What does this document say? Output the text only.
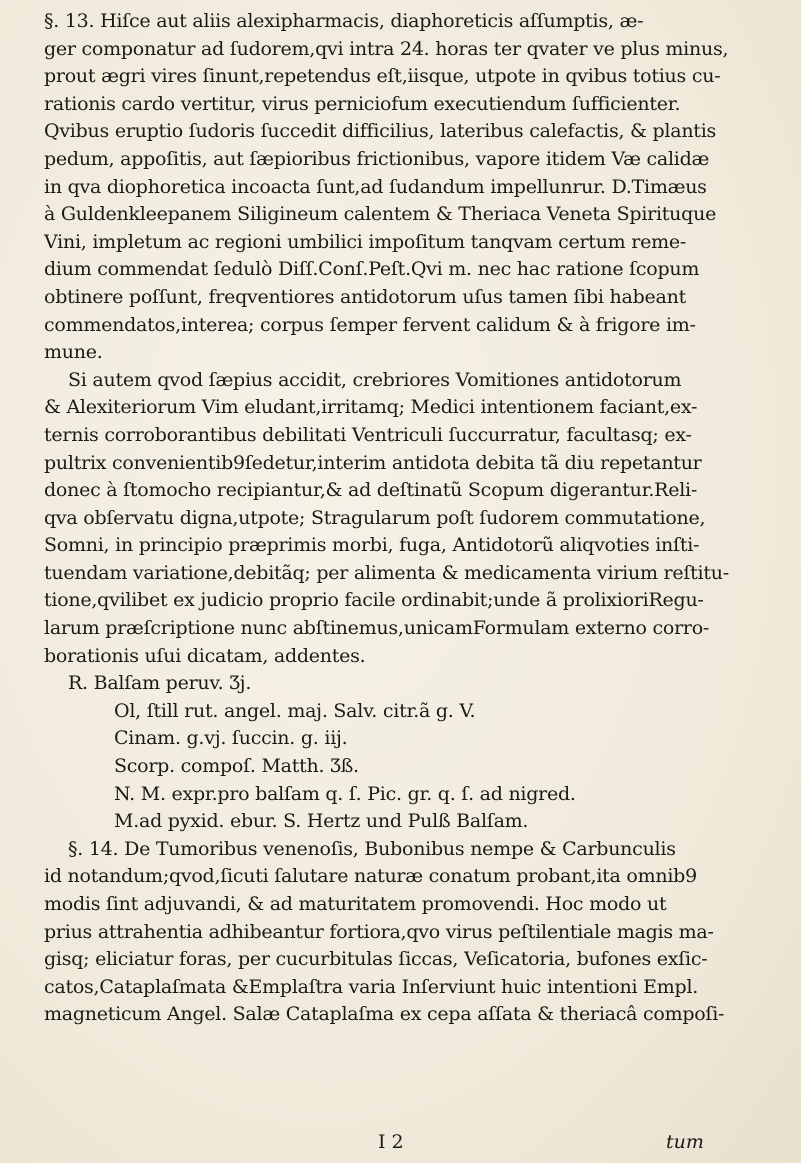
§. 13. Hiſce aut aliis alexipharmacis, diaphoreticis aſſumptis, æ-
ger componatur ad ſudorem,qvi intra 24. horas ter qvater ve plus minus,
prout ægri vires ſinunt,repetendus eſt,iisque, utpote in qvibus totius cu-
rationis cardo vertitur, virus perniciofum executiendum ſufficienter.
Qvibus eruptio ſudoris ſuccedit difficilius, lateribus calefactis, & plantis
pedum, appoſitis, aut ſæpioribus frictionibus, vapore itidem Væ calidæ
in qva diophoretica incoacta ſunt,ad ſudandum impellunrur. D.Timæus
à Guldenkleepanem Siligineum calentem & Theriaca Veneta Spirituque
Vini, impletum ac regioni umbilici impoſitum tanqvam certum reme-
dium commendat ſedulò Diſſ.Conſ.Peſt.Qvi m. nec hac ratione ſcopum
obtinere poſſunt, freqventiores antidotorum uſus tamen ſibi habeant
commendatos,interea; corpus ſemper fervent calidum & à frigore im-
mune.
Si autem qvod ſæpius accidit, crebriores Vomitiones antidotorum
& Alexiteriorum Vim eludant,irritamq; Medici intentionem faciant,ex-
ternis corroborantibus debilitati Ventriculi ſuccurratur, facultasq; ex-
pultrix convenientib9ſedetur,interim antidota debita tã diu repetantur
donec à ſtomocho recipiantur,& ad deſtinatũ Scopum digerantur.Reli-
qva obſervatu digna,utpote; Stragularum poſt ſudorem commutatione,
Somni, in principio præprimis morbi, fuga, Antidotorũ aliqvoties inſti-
tuendam variatione,debitãq; per alimenta & medicamenta virium reſtitu-
tione,qvilibet ex judicio proprio facile ordinabit;unde ã prolixioriRegu-
larum præſcriptione nunc abſtinemus,unicamFormulam externo corro-
borationis uſui dicatam, addentes.
R. Balſam peruv. Ʒj.
Ol, ſtill rut. angel. maj. Salv. citr.ã g. V.
Cinam. g.vj. ſuccin. g. iij.
Scorp. compoſ. Matth. Ʒß.
N. M. expr.pro balſam q. ſ. Pic. gr. q. ſ. ad nigred.
M.ad pyxid. ebur. S. Hertz und Pulß Balſam.
§. 14. De Tumoribus venenoſis, Bubonibus nempe & Carbunculis
id notandum;qvod,ſicuti ſalutare naturæ conatum probant,ita omnib9
modis ſint adjuvandi, & ad maturitatem promovendi. Hoc modo ut
prius attrahentia adhibeantur fortiora,qvo virus peſtilentiale magis ma-
gisq; eliciatur foras, per cucurbitulas ſiccas, Veſicatoria, bufones exſic-
catos,Cataplaſmata &Emplaſtra varia Inſerviunt huic intentioni Empl.
magneticum Angel. Salæ Cataplaſma ex cepa aſſata & theriacâ compoſi-
I 2	tum
